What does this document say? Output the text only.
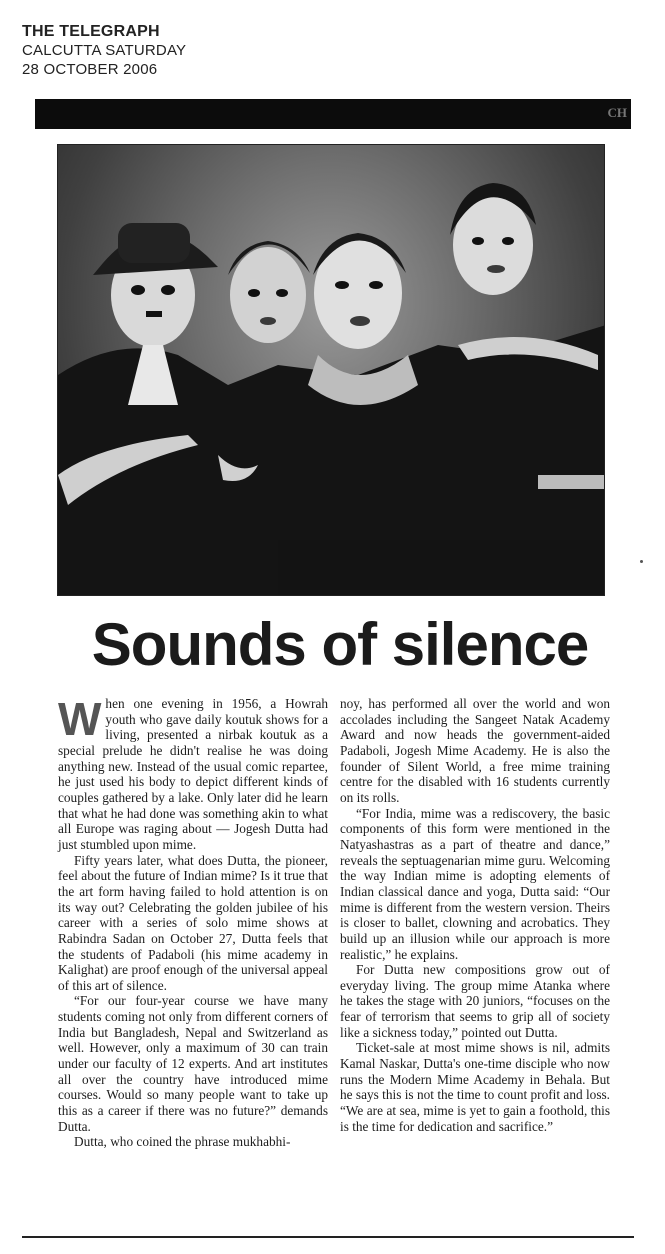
THE TELEGRAPH
CALCUTTA SATURDAY
28 OCTOBER 2006
CH
Sounds of silence

When one evening in 1956, a Howrah youth who gave daily koutuk shows for a living, presented a nirbak koutuk as a special prelude he didn't realise he was doing anything new. Instead of the usual comic repartee, he just used his body to depict different kinds of couples gathered by a lake. Only later did he learn that what he had done was something akin to what all Europe was raging about — Jogesh Dutta had just stumbled upon mime.

Fifty years later, what does Dutta, the pioneer, feel about the future of Indian mime? Is it true that the art form having failed to hold attention is on its way out? Celebrating the golden jubilee of his career with a series of solo mime shows at Rabindra Sadan on October 27, Dutta feels that the students of Padaboli (his mime academy in Kalighat) are proof enough of the universal appeal of this art of silence.

“For our four-year course we have many students coming not only from different corners of India but Bangladesh, Nepal and Switzerland as well. However, only a maximum of 30 can train under our faculty of 12 experts. And art institutes all over the country have introduced mime courses. Would so many people want to take up this as a career if there was no future?” demands Dutta.

Dutta, who coined the phrase mukhabhi-

noy, has performed all over the world and won accolades including the Sangeet Natak Academy Award and now heads the government-aided Padaboli, Jogesh Mime Academy. He is also the founder of Silent World, a free mime training centre for the disabled with 16 students currently on its rolls.

“For India, mime was a rediscovery, the basic components of this form were mentioned in the Natyashastras as a part of theatre and dance,” reveals the septuagenarian mime guru. Welcoming the way Indian mime is adopting elements of Indian classical dance and yoga, Dutta said: “Our mime is different from the western version. Theirs is closer to ballet, clowning and acrobatics. They build up an illusion while our approach is more realistic,” he explains.

For Dutta new compositions grow out of everyday living. The group mime Atanka where he takes the stage with 20 juniors, “focuses on the fear of terrorism that seems to grip all of society like a sickness today,” pointed out Dutta.

Ticket-sale at most mime shows is nil, admits Kamal Naskar, Dutta's one-time disciple who now runs the Modern Mime Academy in Behala. But he says this is not the time to count profit and loss. “We are at sea, mime is yet to gain a foothold, this is the time for dedication and sacrifice.”
